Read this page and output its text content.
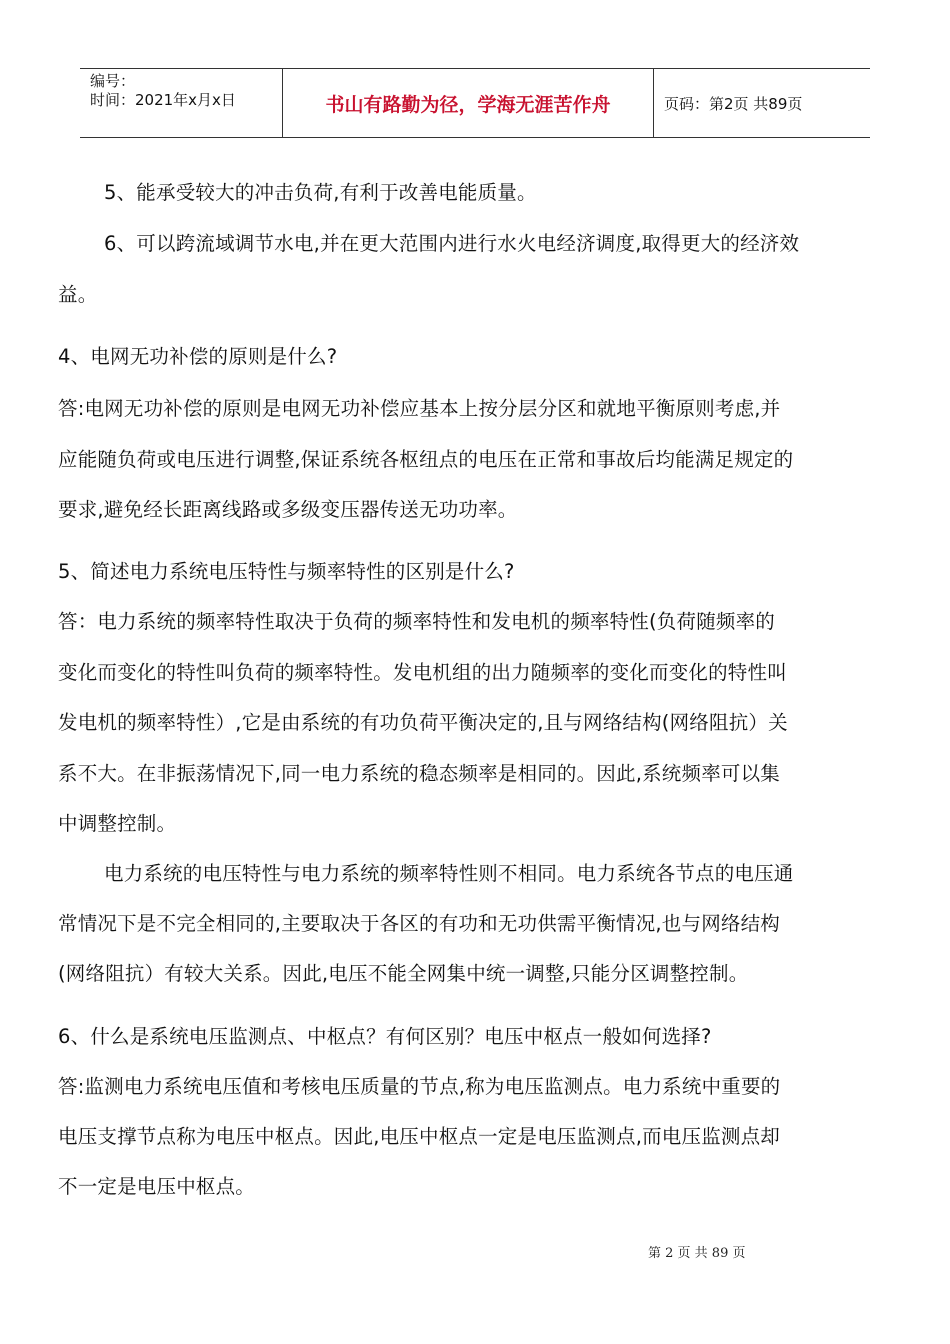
编号：
时间：2021年x月x日	书山有路勤为径，学海无涯苦作舟	页码：第2页 共89页
5、能承受较大的冲击负荷,有利于改善电能质量。
6、可以跨流域调节水电,并在更大范围内进行水火电经济调度,取得更大的经济效
益。
4、电网无功补偿的原则是什么?
答:电网无功补偿的原则是电网无功补偿应基本上按分层分区和就地平衡原则考虑,并
应能随负荷或电压进行调整,保证系统各枢纽点的电压在正常和事故后均能满足规定的
要求,避免经长距离线路或多级变压器传送无功功率。
5、简述电力系统电压特性与频率特性的区别是什么?
答：电力系统的频率特性取决于负荷的频率特性和发电机的频率特性(负荷随频率的
变化而变化的特性叫负荷的频率特性。发电机组的出力随频率的变化而变化的特性叫
发电机的频率特性）,它是由系统的有功负荷平衡决定的,且与网络结构(网络阻抗）关
系不大。在非振荡情况下,同一电力系统的稳态频率是相同的。因此,系统频率可以集
中调整控制。
电力系统的电压特性与电力系统的频率特性则不相同。电力系统各节点的电压通
常情况下是不完全相同的,主要取决于各区的有功和无功供需平衡情况,也与网络结构
(网络阻抗）有较大关系。因此,电压不能全网集中统一调整,只能分区调整控制。
6、什么是系统电压监测点、中枢点？有何区别？电压中枢点一般如何选择?
答:监测电力系统电压值和考核电压质量的节点,称为电压监测点。电力系统中重要的
电压支撑节点称为电压中枢点。因此,电压中枢点一定是电压监测点,而电压监测点却
不一定是电压中枢点。
第 2 页 共 89 页
